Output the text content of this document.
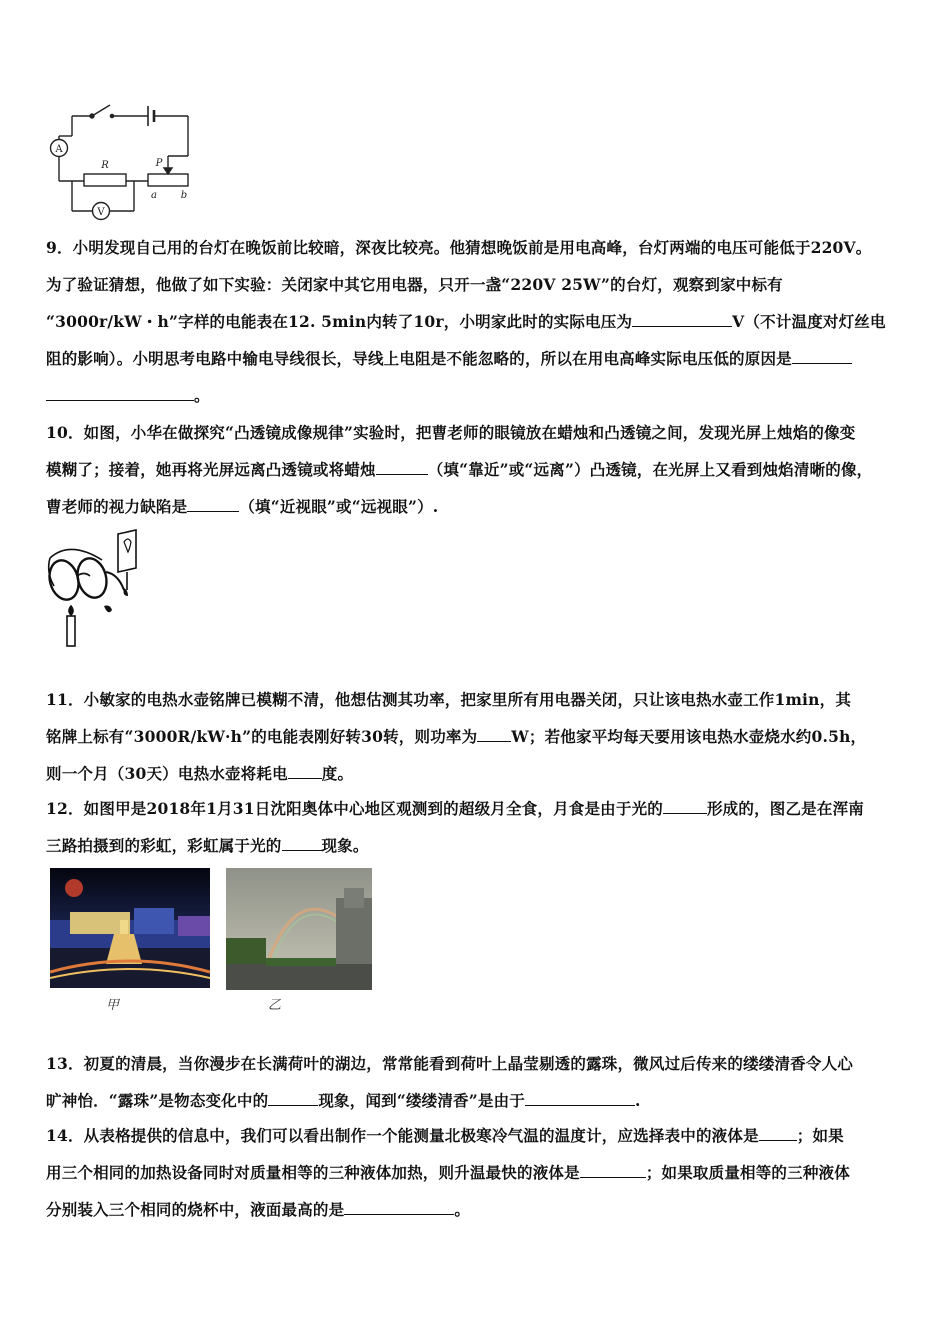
A
V
R	P
a b
9．小明发现自己用的台灯在晚饭前比较暗，深夜比较亮。他猜想晚饭前是用电高峰，台灯两端的电压可能低于220V。
为了验证猜想，他做了如下实验：关闭家中其它用电器，只开一盏“220V 25W”的台灯，观察到家中标有
“3000r/kW・h”字样的电能表在12. 5min内转了10r，小明家此时的实际电压为	V（不计温度对灯丝电
阻的影响）。小明思考电路中输电导线很长，导线上电阻是不能忽略的，所以在用电高峰实际电压低的原因是
。
10．如图，小华在做探究“凸透镜成像规律”实验时，把曹老师的眼镜放在蜡烛和凸透镜之间，发现光屏上烛焰的像变
模糊了；接着，她再将光屏远离凸透镜或将蜡烛	（填“靠近”或“远离”）凸透镜，在光屏上又看到烛焰清晰的像，
曹老师的视力缺陷是	（填“近视眼”或“远视眼”）.
11．小敏家的电热水壶铭牌已模糊不清，他想估测其功率，把家里所有用电器关闭，只让该电热水壶工作1min，其
铭牌上标有“3000R/kW·h”的电能表刚好转30转，则功率为 W；若他家平均每天要用该电热水壶烧水约0.5h，
则一个月（30天）电热水壶将耗电 度。
12．如图甲是2018年1月31日沈阳奥体中心地区观测到的超级月全食，月食是由于光的	形成的，图乙是在浑南
三路拍摄到的彩虹，彩虹属于光的	现象。
甲	乙
13．初夏的清晨，当你漫步在长满荷叶的湖边，常常能看到荷叶上晶莹剔透的露珠，微风过后传来的缕缕清香令人心
旷神怡．“露珠”是物态变化中的	现象，闻到“缕缕清香”是由于	.
14．从表格提供的信息中，我们可以看出制作一个能测量北极寒冷气温的温度计，应选择表中的液体是 ；如果
用三个相同的加热设备同时对质量相等的三种液体加热，则升温最快的液体是	；如果取质量相等的三种液体
分别装入三个相同的烧杯中，液面最高的是	。
